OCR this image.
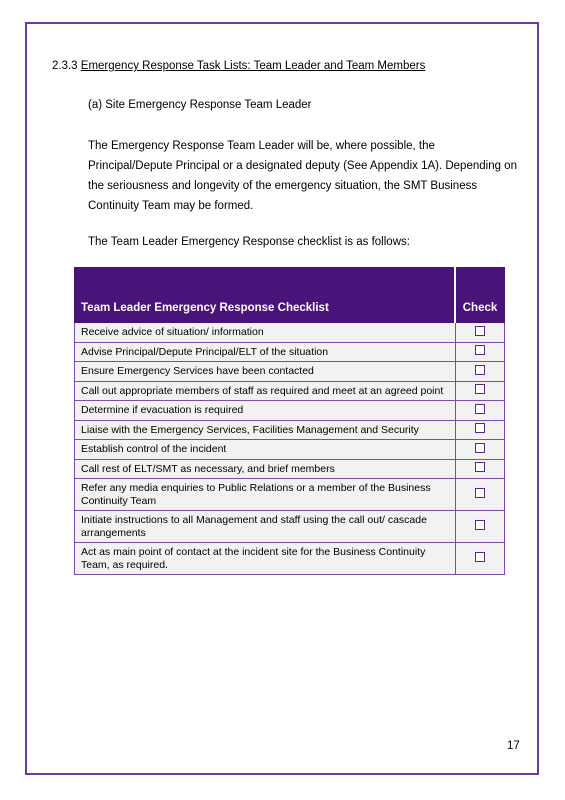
2.3.3 Emergency Response Task Lists: Team Leader and Team Members
(a) Site Emergency Response Team Leader
The Emergency Response Team Leader will be, where possible, the
Principal/Depute Principal or a designated deputy (See Appendix 1A). Depending on
the seriousness and longevity of the emergency situation, the SMT Business
Continuity Team may be formed.
The Team Leader Emergency Response checklist is as follows:
Team Leader Emergency Response Checklist	Check
Receive advice of situation/ information	
Advise Principal/Depute Principal/ELT of the situation	
Ensure Emergency Services have been contacted	
Call out appropriate members of staff as required and meet at an agreed point	
Determine if evacuation is required	
Liaise with the Emergency Services, Facilities Management and Security	
Establish control of the incident	
Call rest of ELT/SMT as necessary, and brief members	
Refer any media enquiries to Public Relations or a member of the Business
Continuity Team	
Initiate instructions to all Management and staff using the call out/ cascade
arrangements	
Act as main point of contact at the incident site for the Business Continuity
Team, as required.	
17
